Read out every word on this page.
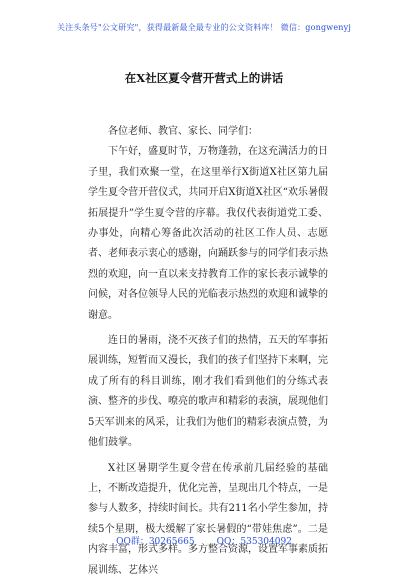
关注头条号"公文研究"，获得最新最全最专业的公文资料库！ 微信：gongwenyj
在X社区夏令营开营式上的讲话

各位老师、教官、家长、同学们：

下午好，盛夏时节，万物蓬勃，在这充满活力的日子里，我们欢聚一堂，在这里举行X街道X社区第九届学生夏令营开营仪式，共同开启X街道X社区“欢乐暑假拓展提升”学生夏令营的序幕。我仅代表街道党工委、办事处，向精心筹备此次活动的社区工作人员、志愿者、老师表示衷心的感谢，向踊跃参与的同学们表示热烈的欢迎，向一直以来支持教育工作的家长表示诚挚的问候，对各位领导人民的光临表示热烈的欢迎和诚挚的谢意。

连日的暑雨，浇不灭孩子们的热情，五天的军事拓展训练，短暂而又漫长，我们的孩子们坚持下来啊，完成了所有的科目训练，刚才我们看到他们的分练式表演、整齐的步伐、嘹亮的歌声和精彩的表演，展现他们5天军训来的风采，让我们为他们的精彩表演点赞，为他们鼓掌。

X社区暑期学生夏令营在传承前几届经验的基础上，不断改造提升，优化完善，呈现出几个特点，一是参与人数多，持续时间长。共有211名小学生参加，持续5个星期，极大缓解了家长暑假的“带娃焦虑”。二是内容丰富，形式多样。多方整合资源，设置军事素质拓展训练、艺体兴

QQ群：30265665 QQ：535304092
